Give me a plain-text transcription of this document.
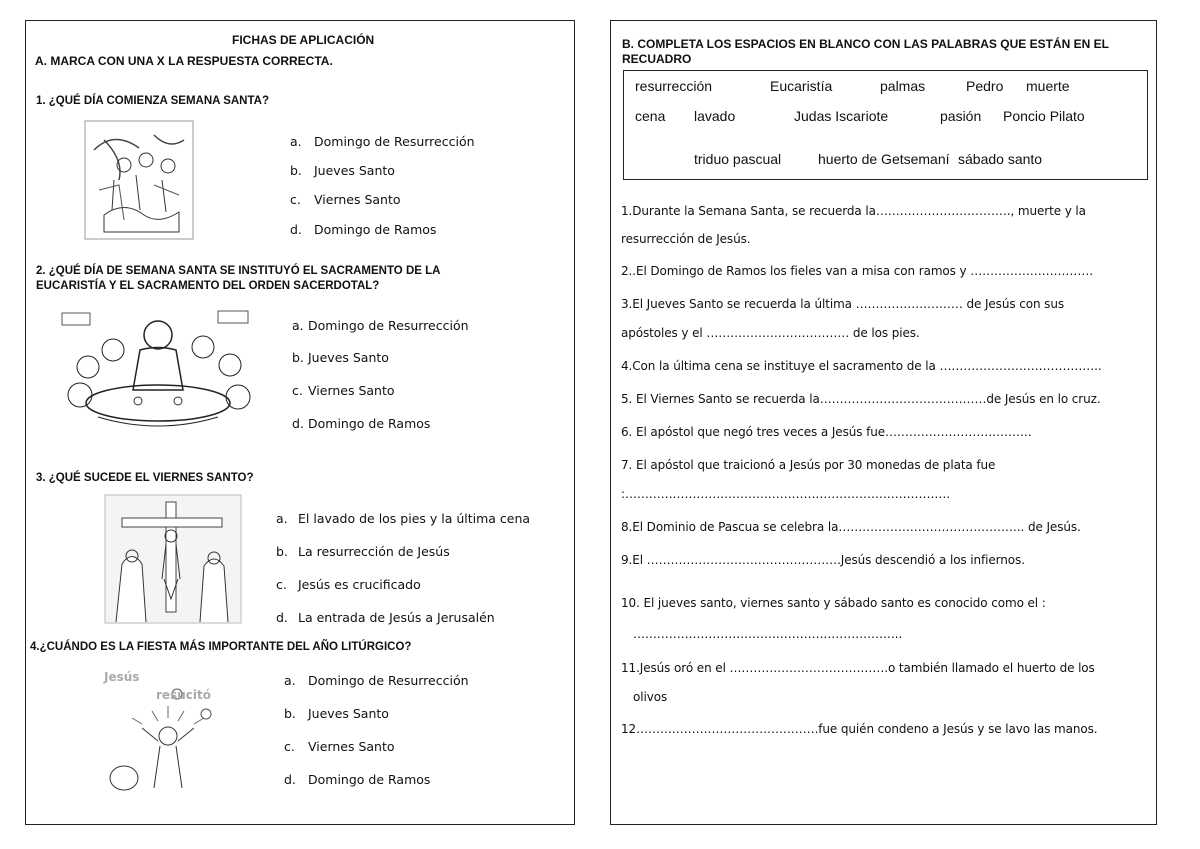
FICHAS DE APLICACIÓN
A. MARCA CON UNA X LA RESPUESTA CORRECTA.
1. ¿QUÉ DÍA COMIENZA SEMANA SANTA?
a. Domingo de Resurrección
b. Jueves Santo
c. Viernes Santo
d. Domingo de Ramos
2. ¿QUÉ DÍA DE SEMANA SANTA SE INSTITUYÓ EL SACRAMENTO DE LA
EUCARISTÍA Y EL SACRAMENTO DEL ORDEN SACERDOTAL?
a. Domingo de Resurrección
b. Jueves Santo
c. Viernes Santo
d. Domingo de Ramos
3. ¿QUÉ SUCEDE EL VIERNES SANTO?
a. El lavado de los pies y la última cena
b. La resurrección de Jesús
c. Jesús es crucificado
d. La entrada de Jesús a Jerusalén
4.¿CUÁNDO ES LA FIESTA MÁS IMPORTANTE DEL AÑO LITÚRGICO?
Jesús
resucitó
a. Domingo de Resurrección
b. Jueves Santo
c. Viernes Santo
d. Domingo de Ramos
B. COMPLETA LOS ESPACIOS EN BLANCO CON LAS PALABRAS QUE ESTÁN EN EL
RECUADRO
resurrección	Eucaristía	palmas	Pedro muerte
cena lavado	Judas Iscariote	pasión Poncio Pilato
triduo pascual	huerto de Getsemaní sábado santo
1.Durante la Semana Santa, se recuerda la……………………………., muerte y la
resurrección de Jesús.
2..El Domingo de Ramos los fieles van a misa con ramos y ………………………….
3.El Jueves Santo se recuerda la última ……………………… de Jesús con sus
apóstoles y el ……………………………… de los pies.
4.Con la última cena se instituye el sacramento de la …………………………………..
5. El Viernes Santo se recuerda la……………………………………de Jesús en lo cruz.
6. El apóstol que negó tres veces a Jesús fue……………………………….
7. El apóstol que traicionó a Jesús por 30 monedas de plata fue
:……………………………………………………………………….
8.El Dominio de Pascua se celebra la……………………………………….. de Jesús.
9.El ………………………………………….Jesús descendió a los infiernos.
10. El jueves santo, viernes santo y sábado santo es conocido como el :
…………………………………………………………..
11.Jesús oró en el ………………………………….o también llamado el huerto de los
olivos
12……………………………………….fue quién condeno a Jesús y se lavo las manos.
